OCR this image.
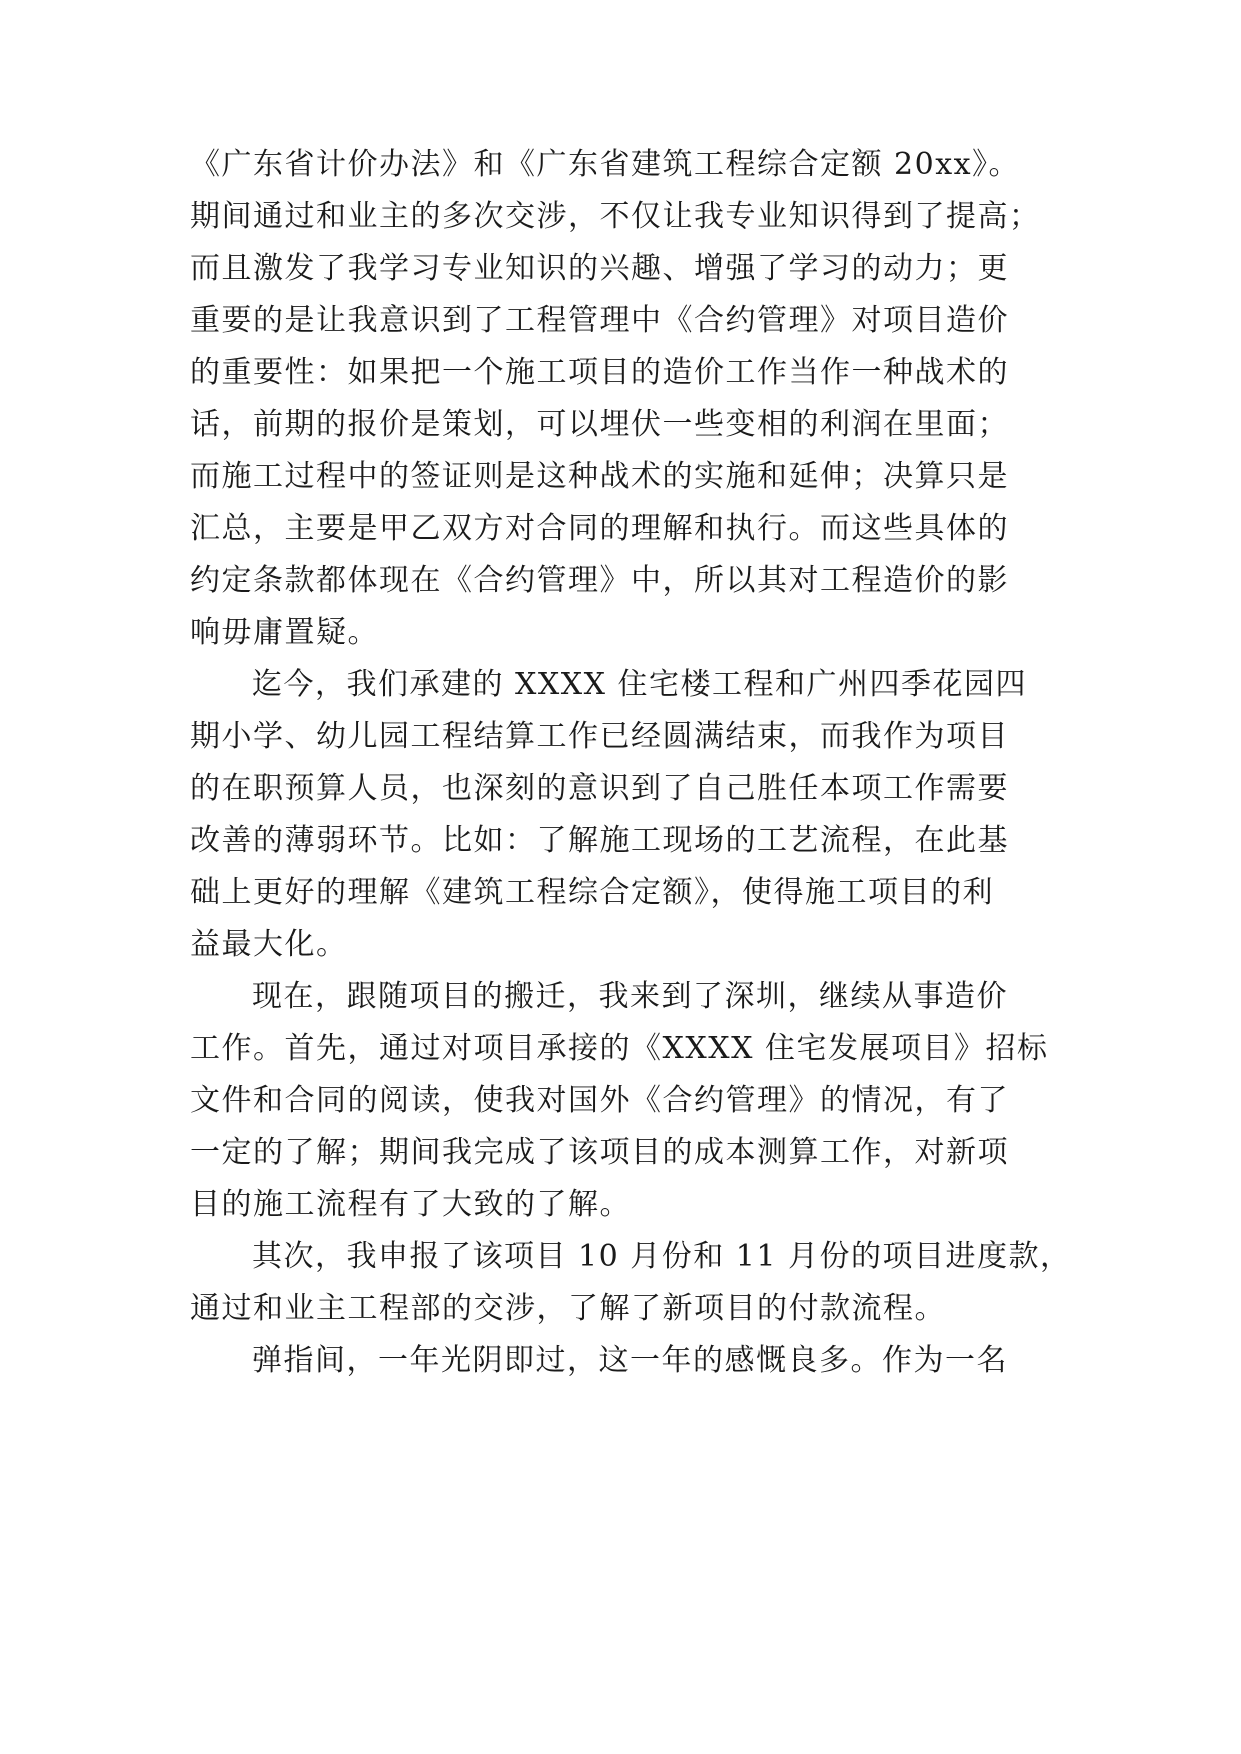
《广东省计价办法》和《广东省建筑工程综合定额 20xx》。
期间通过和业主的多次交涉，不仅让我专业知识得到了提高；
而且激发了我学习专业知识的兴趣、增强了学习的动力；更
重要的是让我意识到了工程管理中《合约管理》对项目造价
的重要性：如果把一个施工项目的造价工作当作一种战术的
话，前期的报价是策划，可以埋伏一些变相的利润在里面；
而施工过程中的签证则是这种战术的实施和延伸；决算只是
汇总，主要是甲乙双方对合同的理解和执行。而这些具体的
约定条款都体现在《合约管理》中，所以其对工程造价的影
响毋庸置疑。
迄今，我们承建的 XXXX 住宅楼工程和广州四季花园四
期小学、幼儿园工程结算工作已经圆满结束，而我作为项目
的在职预算人员，也深刻的意识到了自己胜任本项工作需要
改善的薄弱环节。比如：了解施工现场的工艺流程，在此基
础上更好的理解《建筑工程综合定额》，使得施工项目的利
益最大化。
现在，跟随项目的搬迁，我来到了深圳，继续从事造价
工作。首先，通过对项目承接的《XXXX 住宅发展项目》招标
文件和合同的阅读，使我对国外《合约管理》的情况，有了
一定的了解；期间我完成了该项目的成本测算工作，对新项
目的施工流程有了大致的了解。
其次，我申报了该项目 10 月份和 11 月份的项目进度款，
通过和业主工程部的交涉，了解了新项目的付款流程。
弹指间，一年光阴即过，这一年的感慨良多。作为一名
